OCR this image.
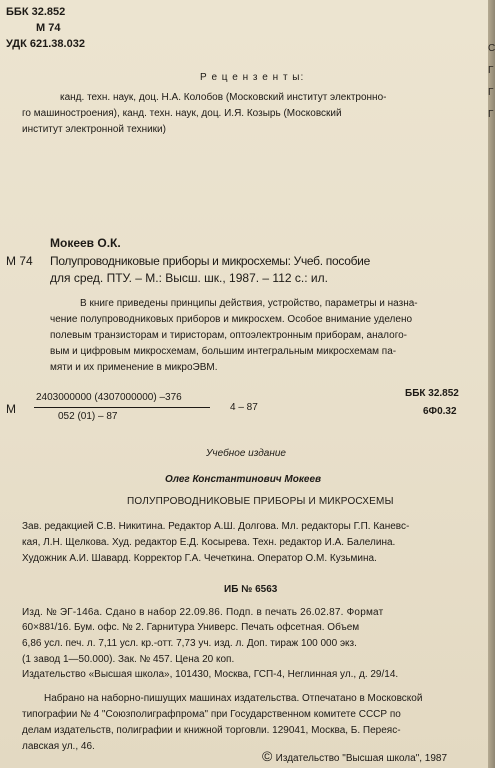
ББК 32.852
М 74
УДК 621.38.032
Р е ц е н з е н т ы:
канд. техн. наук, доц. Н.А. Колобов (Московский институт электронно-
го машиностроения), канд. техн. наук, доц. И.Я. Козырь (Московский
институт электронной техники)
Мокеев О.К.
М 74 Полупроводниковые приборы и микросхемы: Учеб. пособие
для сред. ПТУ. – М.: Высш. шк., 1987. – 112 с.: ил.
В книге приведены принципы действия, устройство, параметры и назна-
чение полупроводниковых приборов и микросхем. Особое внимание уделено
полевым транзисторам и тиристорам, оптоэлектронным приборам, аналого-
вым и цифровым микросхемам, большим интегральным микросхемам па-
мяти и их применение в микроЭВМ.
М
2403000000 (4307000000) –376
052 (01) – 87
4 – 87
ББК 32.852
6Ф0.32
Учебное издание
Олег Константинович Мокеев
ПОЛУПРОВОДНИКОВЫЕ ПРИБОРЫ И МИКРОСХЕМЫ
Зав. редакцией С.В. Никитина. Редактор А.Ш. Долгова. Мл. редакторы Г.П. Каневс-
кая, Л.Н. Щелкова. Худ. редактор Е.Д. Косырева. Техн. редактор И.А. Балелина.
Художник А.И. Шавард. Корректор Г.А. Чечеткина. Оператор О.М. Кузьмина.
ИБ № 6563
Изд. № ЭГ-146а. Сдано в набор 22.09.86. Подп. в печать 26.02.87. Формат
$60\times 88^1/16$. Бум. офс. № 2. Гарнитура Универс. Печать офсетная. Объем
6,86 усл. печ. л. 7,11 усл. кр.-отт. 7,73 уч. изд. л. Доп. тираж 100 000 экз.
(1 завод 1—50.000). Зак. № 457. Цена 20 коп.
Издательство «Высшая школа», 101430, Москва, ГСП-4, Неглинная ул., д. 29/14.
Набрано на наборно-пишущих машинах издательства. Отпечатано в Московской
типографии № 4 "Союзполиграфпрома" при Государственном комитете СССР по
делам издательств, полиграфии и книжной торговли. 129041, Москва, Б. Переяс-
лавская ул., 46.
© Издательство "Высшая школа", 1987
С
Г
Г
Г
